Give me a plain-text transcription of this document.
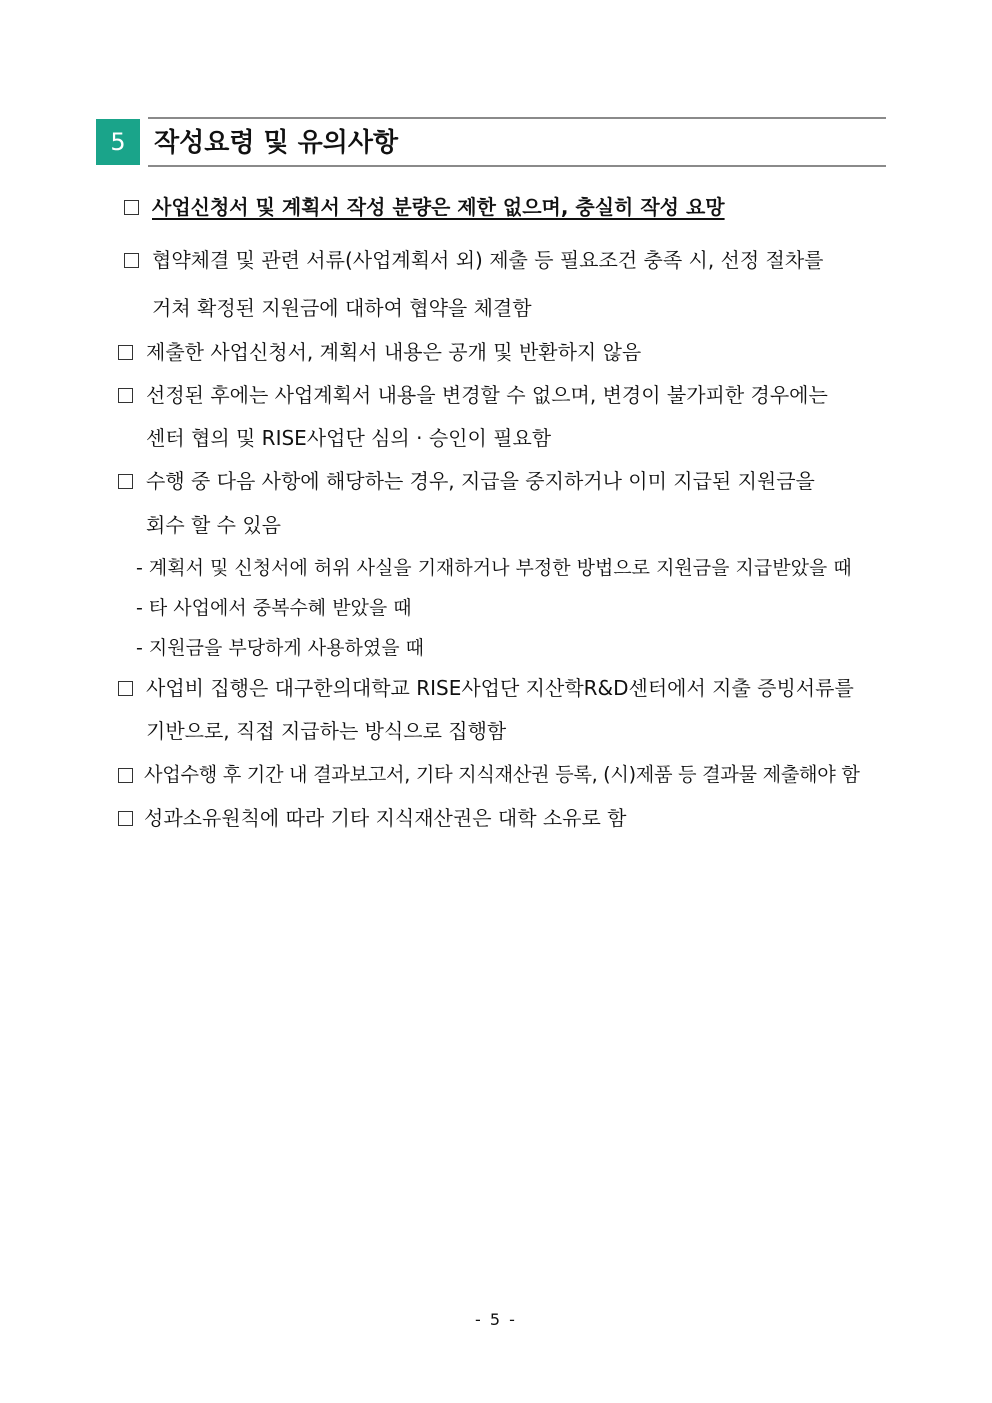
5	작성요령 및 유의사항
사업신청서 및 계획서 작성 분량은 제한 없으며, 충실히 작성 요망
협약체결 및 관련 서류(사업계획서 외) 제출 등 필요조건 충족 시, 선정 절차를
거쳐 확정된 지원금에 대하여 협약을 체결함
제출한 사업신청서, 계획서 내용은 공개 및 반환하지 않음
선정된 후에는 사업계획서 내용을 변경할 수 없으며, 변경이 불가피한 경우에는
센터 협의 및 RISE사업단 심의 · 승인이 필요함
수행 중 다음 사항에 해당하는 경우, 지급을 중지하거나 이미 지급된 지원금을
회수 할 수 있음
- 계획서 및 신청서에 허위 사실을 기재하거나 부정한 방법으로 지원금을 지급받았을 때
- 타 사업에서 중복수혜 받았을 때
- 지원금을 부당하게 사용하였을 때
사업비 집행은 대구한의대학교 RISE사업단 지산학R&D센터에서 지출 증빙서류를
기반으로, 직접 지급하는 방식으로 집행함
사업수행 후 기간 내 결과보고서, 기타 지식재산권 등록, (시)제품 등 결과물 제출해야 함
성과소유원칙에 따라 기타 지식재산권은 대학 소유로 함
- 5 -
